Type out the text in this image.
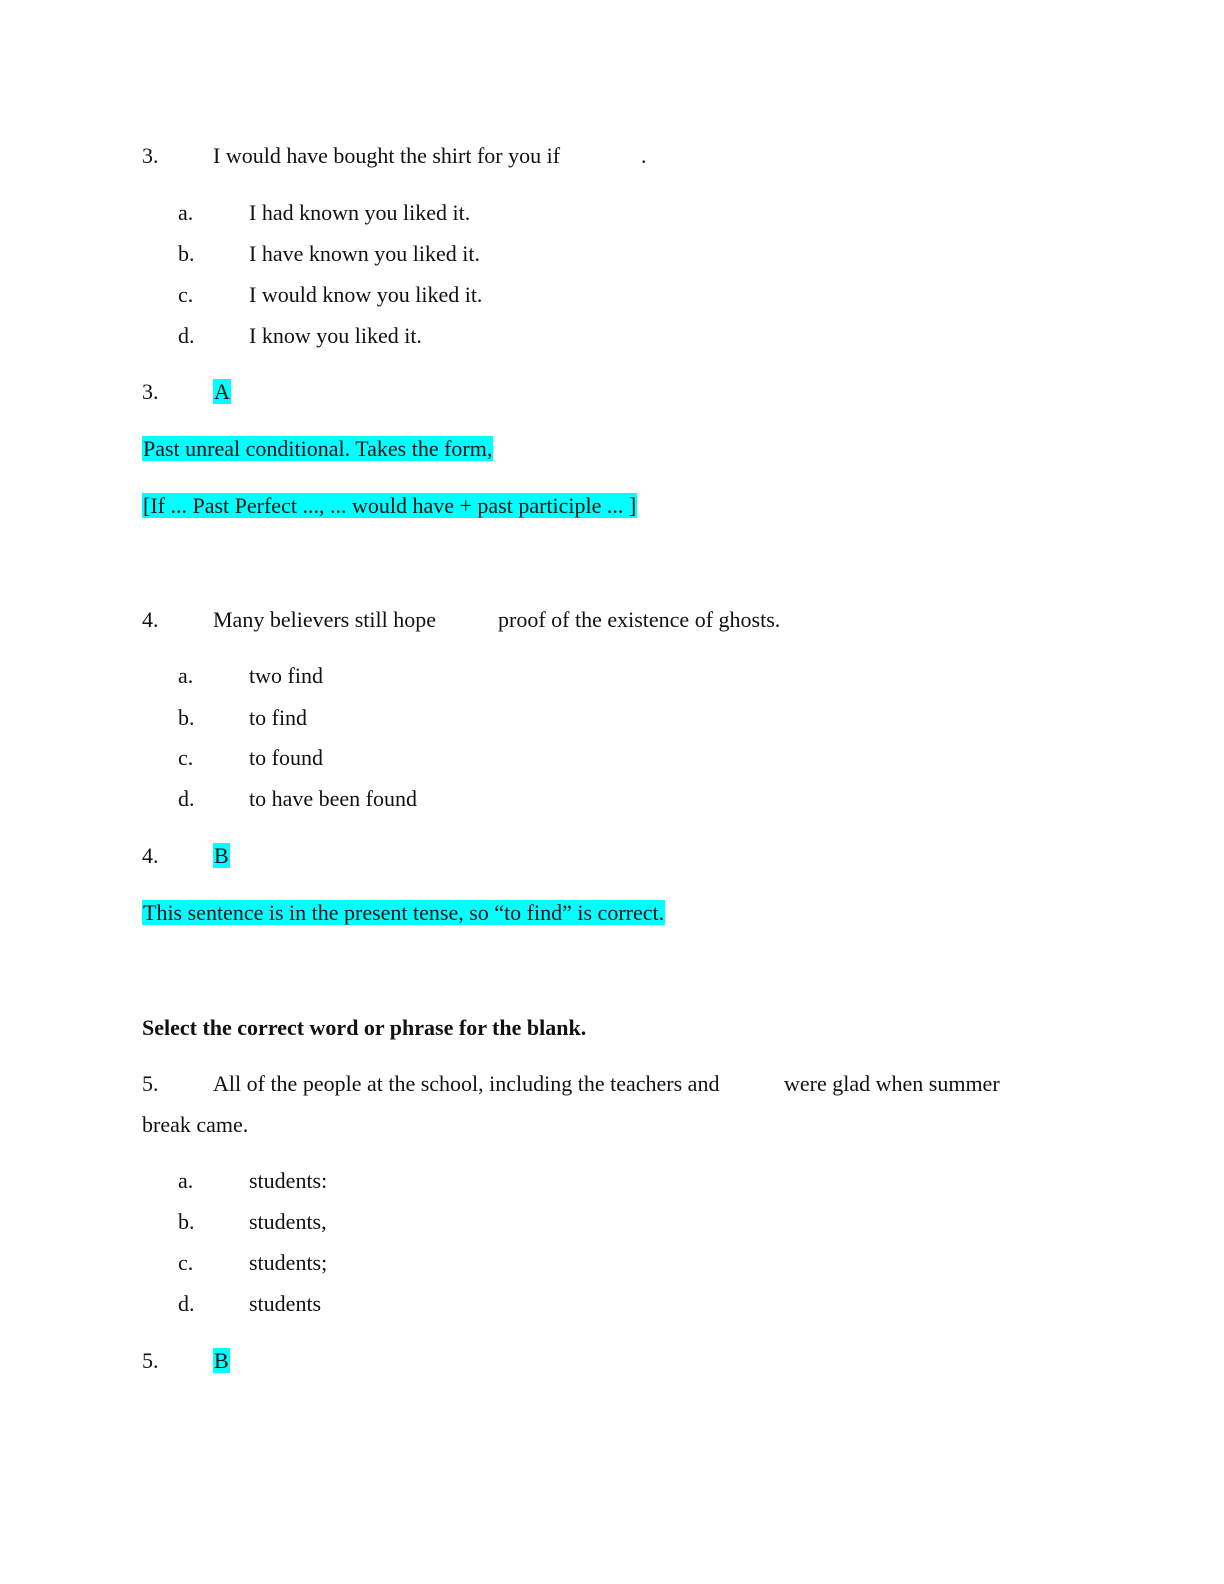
3. I would have bought the shirt for you if	.
a.	I had known you liked it.
b. I have known you liked it.
c.	I would know you liked it.
d. I know you liked it.
3.	A
Past unreal conditional. Takes the form,
[If ... Past Perfect ..., ... would have + past participle ... ]
4. Many believers still hope	proof of the existence of ghosts.
a.	two find
b. to find
c.	to found
d. to have been found
4.	B
This sentence is in the present tense, so “to find” is correct.
Select the correct word or phrase for the blank.
5. All of the people at the school, including the teachers and	were glad when summer
break came.
a.	students:
b. students,
c.	students;
d. students
5.	B
